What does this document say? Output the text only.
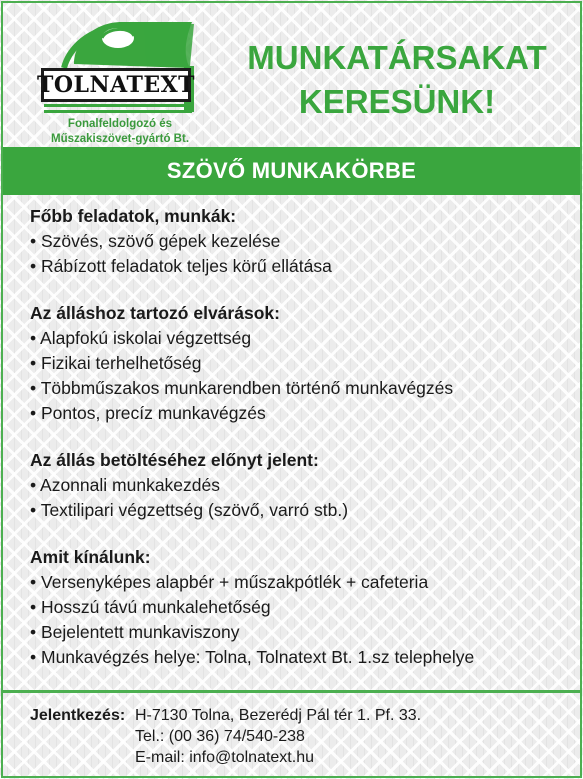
TOLNATEXT
Fonalfeldolgozó és
Műszakiszövet-gyártó Bt.
MUNKATÁRSAKAT
KERESÜNK!
SZÖVŐ MUNKAKÖRBE
Főbb feladatok, munkák:
• Szövés, szövő gépek kezelése
• Rábízott feladatok teljes körű ellátása
Az álláshoz tartozó elvárások:
• Alapfokú iskolai végzettség
• Fizikai terhelhetőség
• Többműszakos munkarendben történő munkavégzés
• Pontos, precíz munkavégzés
Az állás betöltéséhez előnyt jelent:
• Azonnali munkakezdés
• Textilipari végzettség (szövő, varró stb.)
Amit kínálunk:
• Versenyképes alapbér + műszakpótlék + cafeteria
• Hosszú távú munkalehetőség
• Bejelentett munkaviszony
• Munkavégzés helye: Tolna, Tolnatext Bt. 1.sz telephelye
Jelentkezés: H-7130 Tolna, Bezerédj Pál tér 1. Pf. 33.
Tel.: (00 36) 74/540-238
E-mail: info@tolnatext.hu
